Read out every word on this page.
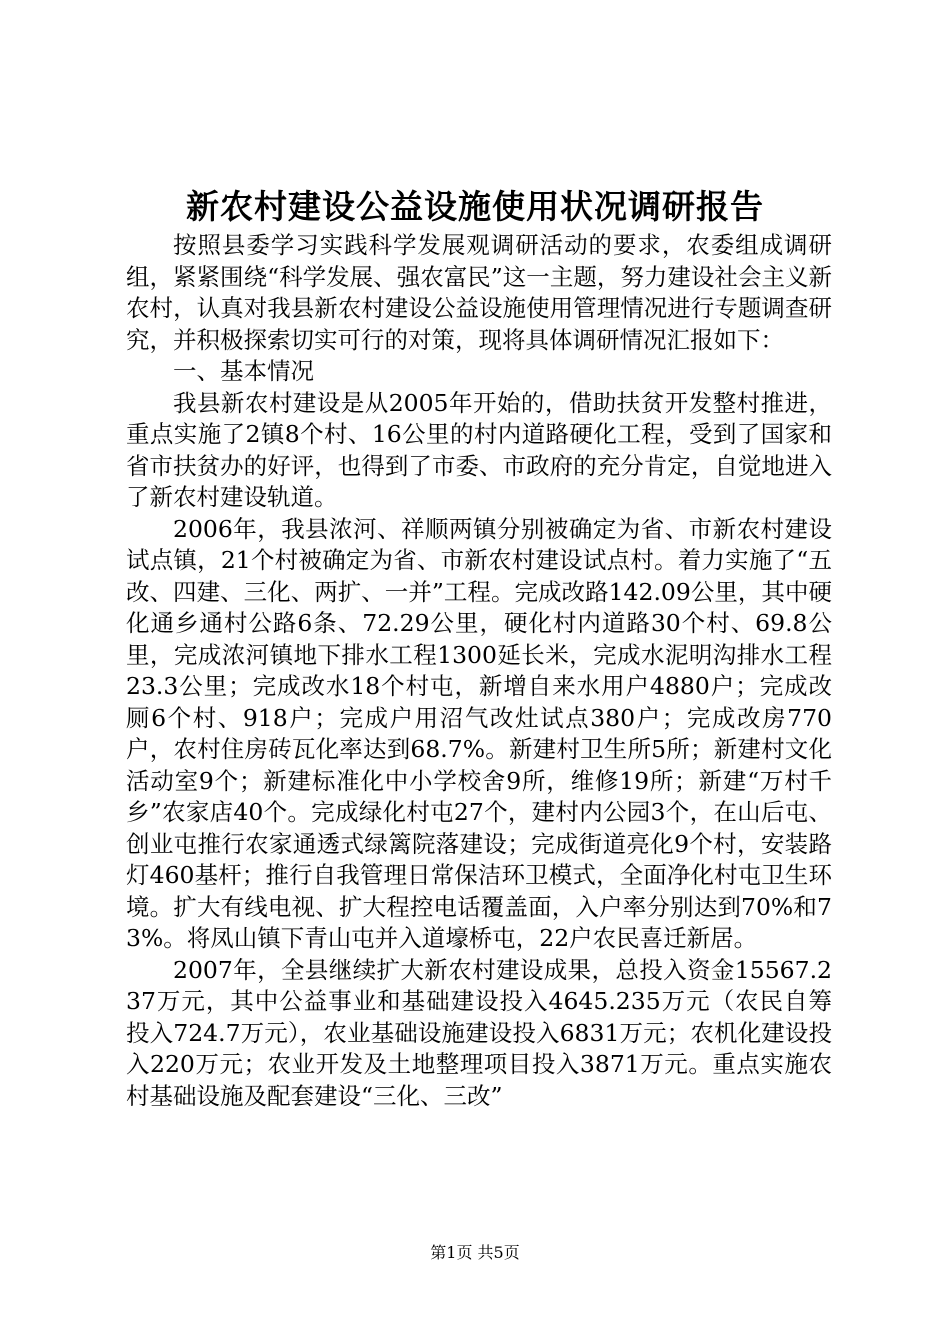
新农村建设公益设施使用状况调研报告

按照县委学习实践科学发展观调研活动的要求，农委组成调研组，紧紧围绕“科学发展、强农富民”这一主题，努力建设社会主义新农村，认真对我县新农村建设公益设施使用管理情况进行专题调查研究，并积极探索切实可行的对策，现将具体调研情况汇报如下：

一、基本情况

我县新农村建设是从2005年开始的，借助扶贫开发整村推进，重点实施了2镇8个村、16公里的村内道路硬化工程，受到了国家和省市扶贫办的好评，也得到了市委、市政府的充分肯定，自觉地进入了新农村建设轨道。

2006年，我县浓河、祥顺两镇分别被确定为省、市新农村建设试点镇，21个村被确定为省、市新农村建设试点村。着力实施了“五改、四建、三化、两扩、一并”工程。完成改路142.09公里，其中硬化通乡通村公路6条、72.29公里，硬化村内道路30个村、69.8公里，完成浓河镇地下排水工程1300延长米，完成水泥明沟排水工程23.3公里；完成改水18个村屯，新增自来水用户4880户；完成改厕6个村、918户；完成户用沼气改灶试点380户；完成改房770户，农村住房砖瓦化率达到68.7%。新建村卫生所5所；新建村文化活动室9个；新建标准化中小学校舍9所，维修19所；新建“万村千乡”农家店40个。完成绿化村屯27个，建村内公园3个，在山后屯、创业屯推行农家通透式绿篱院落建设；完成街道亮化9个村，安装路灯460基杆；推行自我管理日常保洁环卫模式，全面净化村屯卫生环境。扩大有线电视、扩大程控电话覆盖面，入户率分别达到70%和73%。将凤山镇下青山屯并入道壕桥屯，22户农民喜迁新居。

2007年，全县继续扩大新农村建设成果，总投入资金15567.237万元，其中公益事业和基础建设投入4645.235万元（农民自筹投入724.7万元），农业基础设施建设投入6831万元；农机化建设投入220万元；农业开发及土地整理项目投入3871万元。重点实施农村基础设施及配套建设“三化、三改”

第1页 共5页
